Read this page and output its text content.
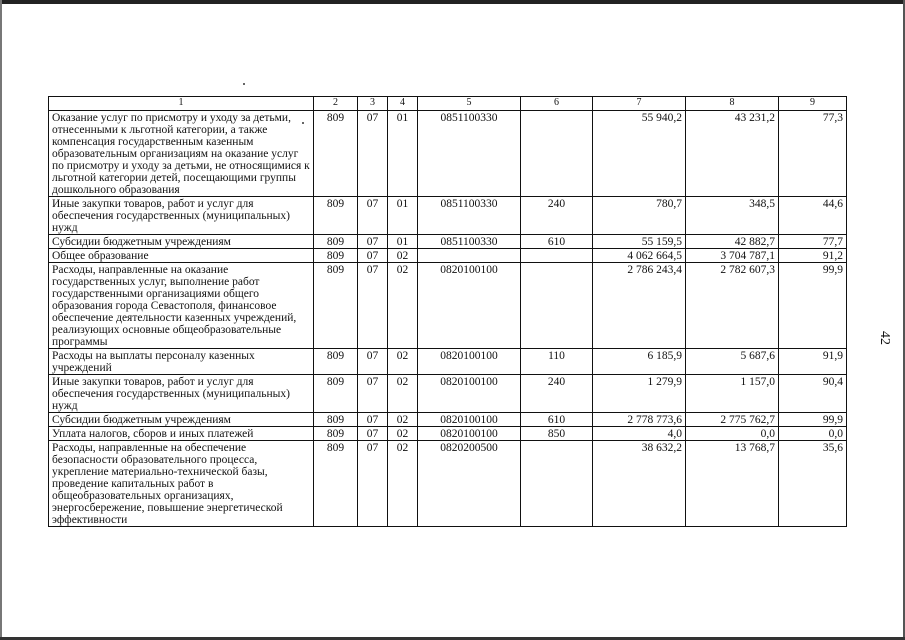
1	2	3	4	5	6	7	8	9
Оказание услуг по присмотру и уходу за детьми, отнесенными к льготной категории, а также компенсация государственным казенным образовательным организациям на оказание услуг по присмотру и уходу за детьми, не относящимися к льготной категории детей, посещающими группы дошкольного образования	809	07	01	0851100330		55 940,2	43 231,2	77,3
Иные закупки товаров, работ и услуг для обеспечения государственных (муниципальных) нужд	809	07	01	0851100330	240	780,7	348,5	44,6
Субсидии бюджетным учреждениям	809	07	01	0851100330	610	55 159,5	42 882,7	77,7
Общее образование	809	07	02			4 062 664,5	3 704 787,1	91,2
Расходы, направленные на оказание государственных услуг, выполнение работ государственными организациями общего образования города Севастополя, финансовое обеспечение деятельности казенных учреждений, реализующих основные общеобразовательные программы	809	07	02	0820100100		2 786 243,4	2 782 607,3	99,9
Расходы на выплаты персоналу казенных учреждений	809	07	02	0820100100	110	6 185,9	5 687,6	91,9
Иные закупки товаров, работ и услуг для обеспечения государственных (муниципальных) нужд	809	07	02	0820100100	240	1 279,9	1 157,0	90,4
Субсидии бюджетным учреждениям	809	07	02	0820100100	610	2 778 773,6	2 775 762,7	99,9
Уплата налогов, сборов и иных платежей	809	07	02	0820100100	850	4,0	0,0	0,0
Расходы, направленные на обеспечение безопасности образовательного процесса, укрепление материально-технической базы, проведение капитальных работ в общеобразовательных организациях, энергосбережение, повышение энергетической эффективности	809	07	02	0820200500		38 632,2	13 768,7	35,6
42
